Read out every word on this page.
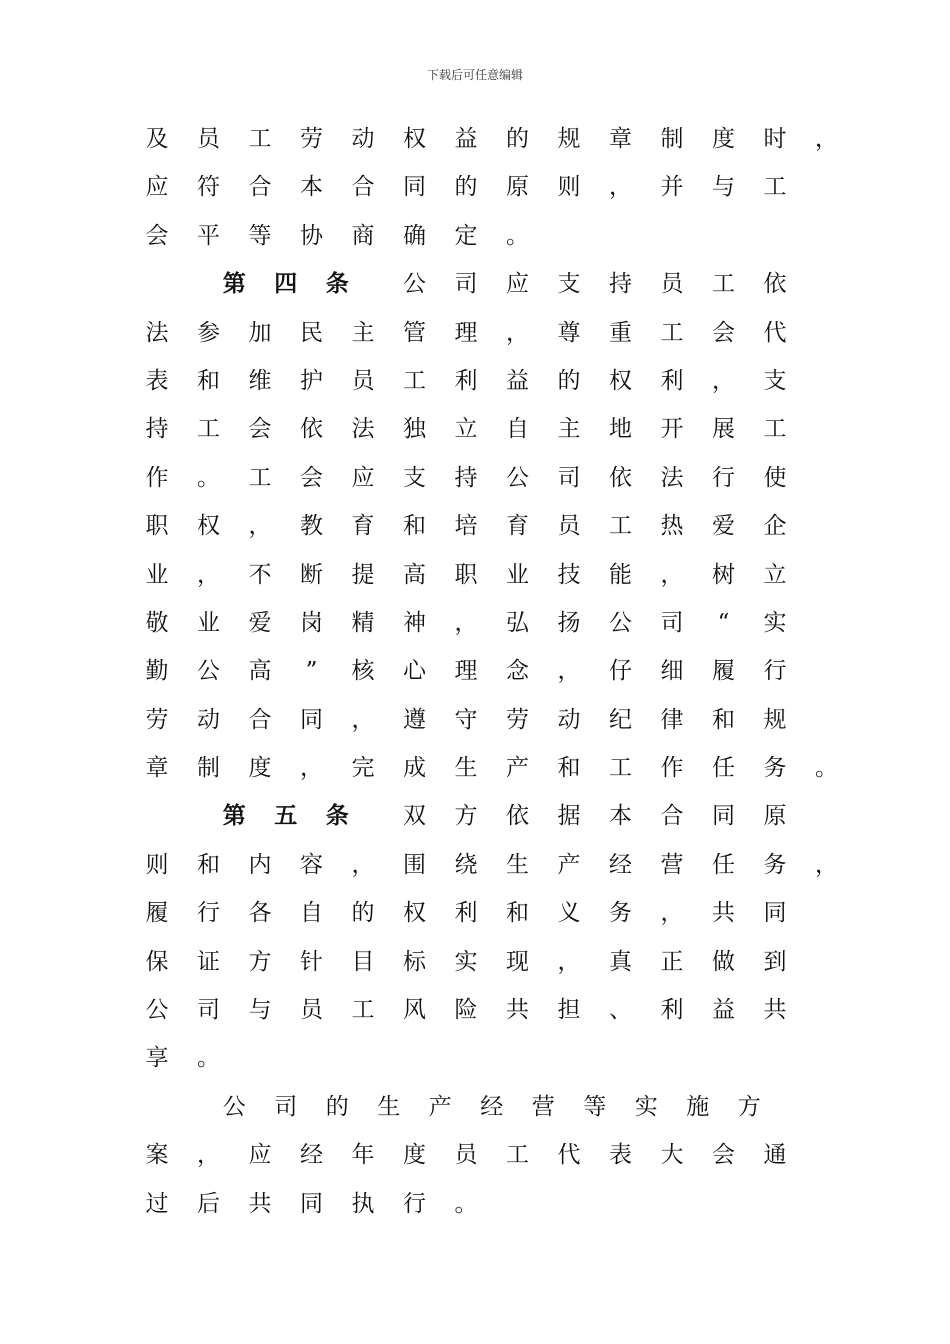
下载后可任意编辑
及	员	工	劳	动	权	益	的	规	章	制	度	时	，
应	符	合	本	合	同	的	原	则	，	并	与	工
会	平	等	协	商	确	定	。
第	四	条	公	司	应	支	持	员	工	依
法	参	加	民	主	管	理	，	尊	重	工	会	代
表	和	维	护	员	工	利	益	的	权	利	，	支
持	工	会	依	法	独	立	自	主	地	开	展	工
作	。	工	会	应	支	持	公	司	依	法	行	使
职	权	，	教	育	和	培	育	员	工	热	爱	企
业	，	不	断	提	高	职	业	技	能	，	树	立
敬	业	爱	岗	精	神	，	弘	扬	公	司	“	实
勤	公	高	”	核	心	理	念	，	仔	细	履	行
劳	动	合	同	，	遵	守	劳	动	纪	律	和	规
章	制	度	，	完	成	生	产	和	工	作	任	务	。
第	五	条	双	方	依	据	本	合	同	原
则	和	内	容	，	围	绕	生	产	经	营	任	务	，
履	行	各	自	的	权	利	和	义	务	，	共	同
保	证	方	针	目	标	实	现	，	真	正	做	到
公	司	与	员	工	风	险	共	担	、	利	益	共
享	。
公	司	的	生	产	经	营	等	实	施	方
案	，	应	经	年	度	员	工	代	表	大	会	通
过	后	共	同	执	行	。
